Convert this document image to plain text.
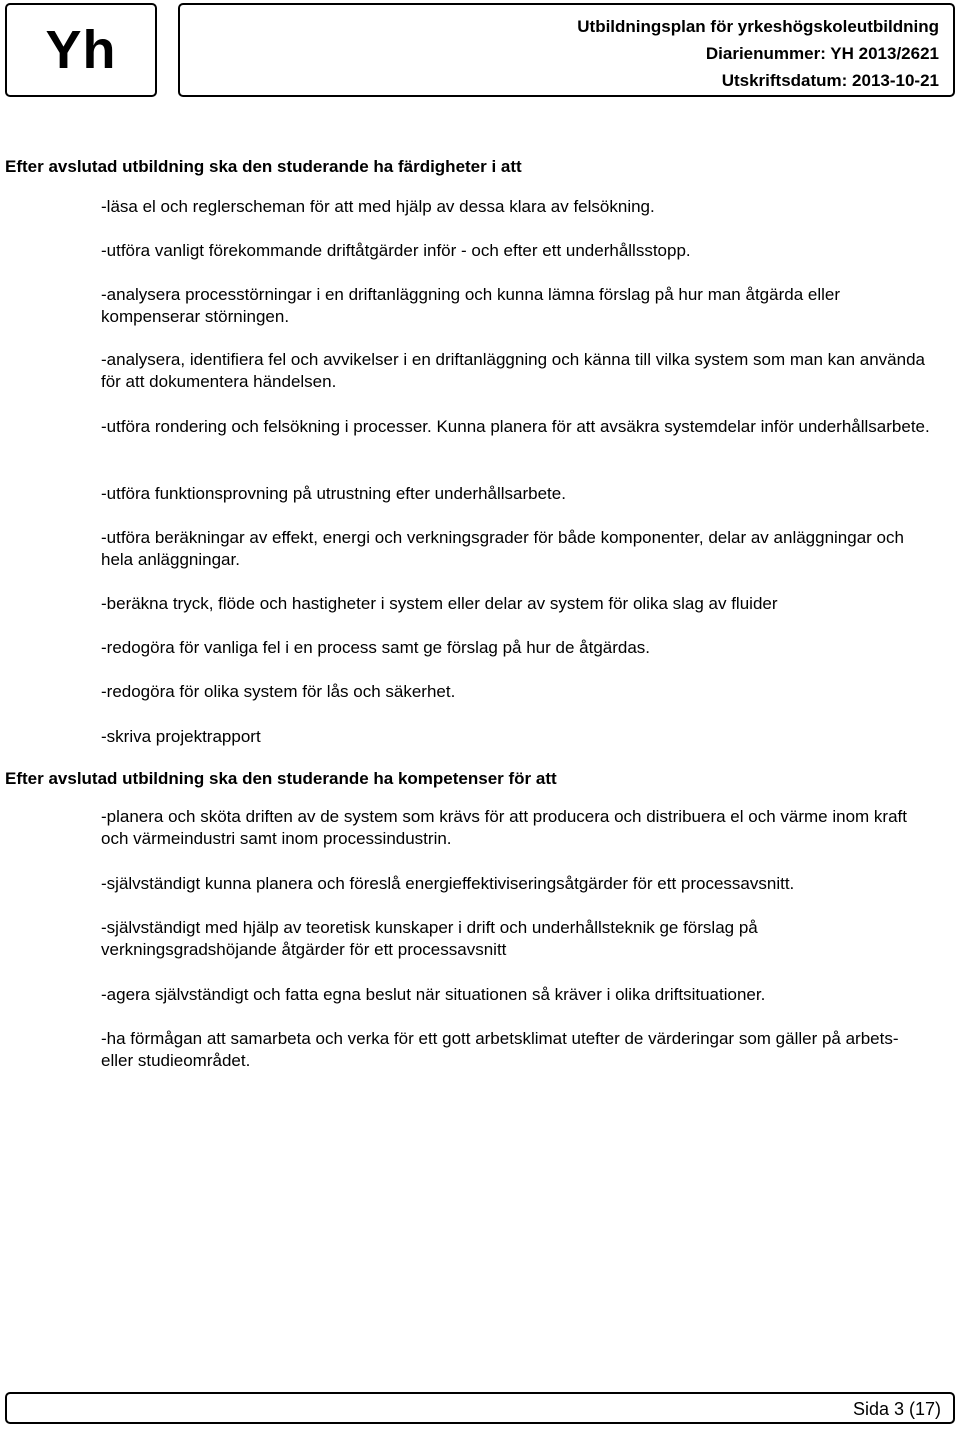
Yh	Utbildningsplan för yrkeshögskoleutbildning
Diarienummer: YH 2013/2621
Utskriftsdatum: 2013-10-21
Efter avslutad utbildning ska den studerande ha färdigheter i att
-läsa el och reglerscheman för att med hjälp av dessa klara av felsökning.
-utföra vanligt förekommande driftåtgärder inför - och efter ett underhållsstopp.
-analysera processtörningar i en driftanläggning och kunna lämna förslag på hur man åtgärda eller kompenserar störningen.
-analysera, identifiera fel och avvikelser i en driftanläggning och känna till vilka system som man kan använda för att dokumentera händelsen.
-utföra rondering och felsökning i processer. Kunna planera för att avsäkra systemdelar inför underhållsarbete.
-utföra funktionsprovning på utrustning efter underhållsarbete.
-utföra beräkningar av effekt, energi och verkningsgrader för både komponenter, delar av anläggningar och hela anläggningar.
-beräkna tryck, flöde och hastigheter i system eller delar av system för olika slag av fluider
-redogöra för vanliga fel i en process samt ge förslag på hur de åtgärdas.
-redogöra för olika system för lås och säkerhet.
-skriva projektrapport
Efter avslutad utbildning ska den studerande ha kompetenser för att
-planera och sköta driften av de system som krävs för att producera och distribuera el och värme inom kraft och värmeindustri samt inom processindustrin.
-självständigt kunna planera och föreslå energieffektiviseringsåtgärder för ett processavsnitt.
-självständigt med hjälp av teoretisk kunskaper i drift och underhållsteknik ge förslag på verkningsgradshöjande åtgärder för ett processavsnitt
-agera självständigt och fatta egna beslut när situationen så kräver i olika driftsituationer.
-ha förmågan att samarbeta och verka för ett gott arbetsklimat utefter de värderingar som gäller på arbets- eller studieområdet.
Sida 3 (17)
